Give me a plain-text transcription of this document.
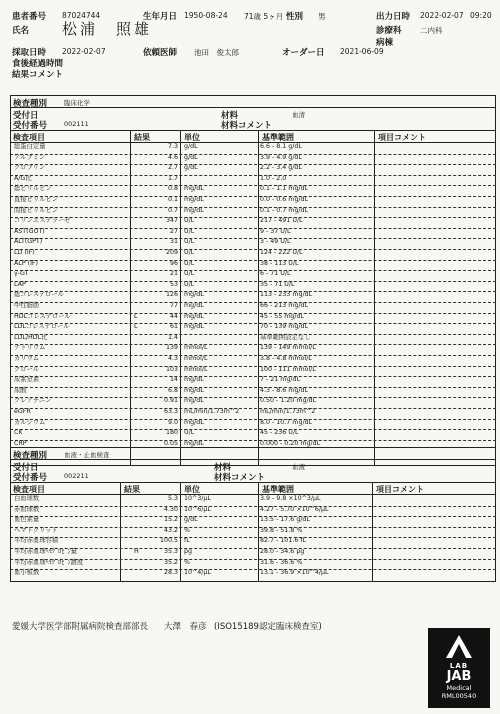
患者番号 87024744	生年月日 1950-08-24 71歳 5ヶ月 性別 男	出力日時 2022-02-07 09:20
氏名 松浦　照雄	診療科 二内科
病棟
採取日時 2022-02-07	依頼医師 池田　俊太郎	オーダー日 2021-06-09
食後経過時間
結果コメント
検査種別	臨床化学
受付日	材料	血清
受付番号	002111	材料コメント
検査項目	結果	単位	基準範囲	項目コメント
総蛋白定量	7.3 g/dL	6.6 - 8.1 g/dL
アルブミン	4.6 g/dL	3.9 - 4.9 g/dL
グロブリン	2.7 g/dL	2.2 - 3.4 g/dL
A/G比	1.7	1.0 - 2.0
総ビリルビン	0.8 mg/dL	0.1 - 1.1 mg/dL
直接ビリルビン	0.1 mg/dL	0.0 - 0.6 mg/dL
間接ビリルビン	0.7 mg/dL	0.1 - 0.7 mg/dL
コリンエステラーゼ	347 U/L	217 - 491 U/L
AST(GOT)	27 U/L	9 - 37 U/L
ALT(GPT)	31 U/L	3 - 49 U/L
LD (IF)	209 U/L	124 - 222 U/L
ALP (IF)	96 U/L	38 - 113 U/L
γ-GT	21 U/L	6 - 71 U/L
LAP	53 U/L	35 - 71 U/L
総コレステロール	126 mg/dL	113 - 233 mg/dL
中性脂肪	77 mg/dL	66 - 213 mg/dL
HDLコレステロール	L	44 mg/dL	45 - 55 mg/dL
LDLコレステロール	L	61 mg/dL	70 - 139 mg/dL
LDL/HDL比	1.4	基準範囲設定なし
ナトリウム	139 mmol/L	139 - 149 mmol/L
カリウム	4.3 mmol/L	3.8 - 4.8 mmol/L
クロール	103 mmol/L	100 - 111 mmol/L
尿素窒素	14 mg/dL	7 - 21 mg/dL
尿酸	6.8 mg/dL	4.3 - 8.6 mg/dL
クレアチニン	0.91 mg/dL	0.50 - 1.20 mg/dL
eGFR	63.3 mL/min/1.73m^2	mL/min/1.73m^2
カルシウム	9.0 mg/dL	8.0 - 10.7 mg/dL
CK	180 U/L	45 - 236 U/L
CRP	0.05 mg/dL	0.000 - 0.20 mg/dL
検査種別	血液・止血検査
受付日	材料	血液
受付番号	002211	材料コメント
検査項目	結果	単位	基準範囲	項目コメント
白血球数	5.3 10^3/μL	3.9 - 9.8 ×10^3/μL
赤血球数	4.30 10^6/μL	4.27 - 5.70 ×10^6/μL
血色素量	15.2 g/dL	13.5 - 17.6 g/dL
ヘマトクリット	43.2 %	39.8 - 51.8 %
平均赤血球容積	100.5 fL	82.7 - 101.6 fL
平均赤血球ﾍﾓｸﾞﾛﾋﾞﾝ量	H	35.3 pg	28.0 - 34.6 pg
平均赤血球ﾍﾓｸﾞﾛﾋﾞﾝ濃度	35.2 %	31.6 - 36.6 %
血小板数	28.3 10^4/μL	13.1 - 36.9 ×10^4/μL
愛媛大学医学部附属病院検査部部長 大澤　春彦 (ISO15189認定臨床検査室)
LAB
JAB
Medical
RML00540
